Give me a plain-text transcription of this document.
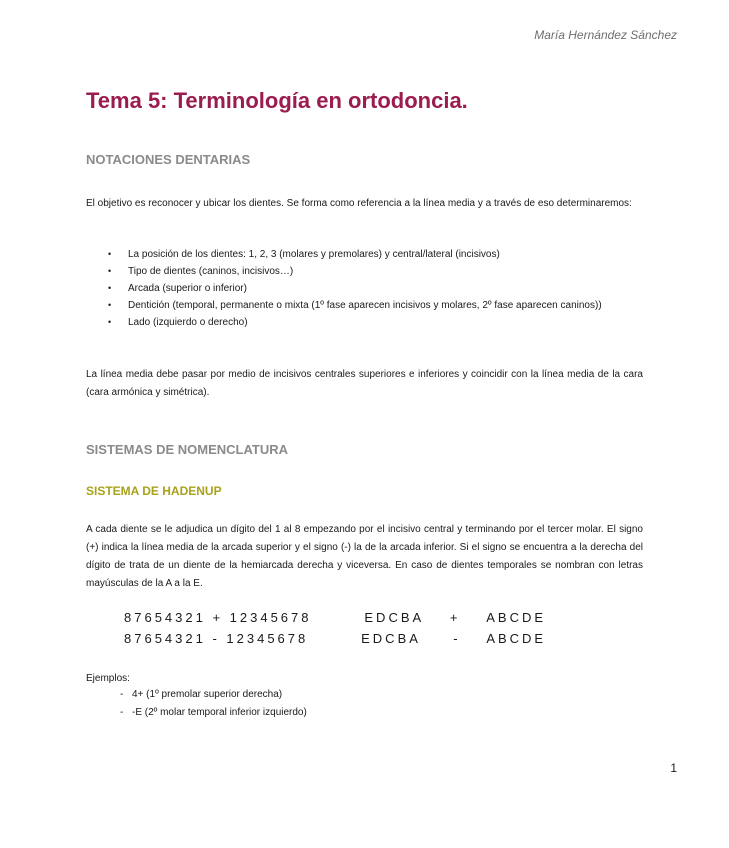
María Hernández Sánchez
Tema 5: Terminología en ortodoncia.
NOTACIONES DENTARIAS

El objetivo es reconocer y ubicar los dientes. Se forma como referencia a la línea media y a través de eso determinaremos:

• La posición de los dientes: 1, 2, 3 (molares y premolares) y central/lateral (incisivos)
• Tipo de dientes (caninos, incisivos…)
• Arcada (superior o inferior)
• Dentición (temporal, permanente o mixta (1º fase aparecen incisivos y molares, 2º fase aparecen caninos))
• Lado (izquierdo o derecho)

La línea media debe pasar por medio de incisivos centrales superiores e inferiores y coincidir con la línea media de la cara (cara armónica y simétrica).

SISTEMAS DE NOMENCLATURA
SISTEMA DE HADENUP

A cada diente se le adjudica un dígito del 1 al 8 empezando por el incisivo central y terminando por el tercer molar. El signo (+) indica la línea media de la arcada superior y el signo (-) la de la arcada inferior. Si el signo se encuentra a la derecha del dígito de trata de un diente de la hemiarcada derecha y viceversa. En caso de dientes temporales se nombran con letras mayúsculas de la A a la E.

87654321 + 12345678        EDCBA    +    ABCDE
87654321 - 12345678        EDCBA     -    ABCDE
Ejemplos:
- 4+ (1º premolar superior derecha)
- -E (2º molar temporal inferior izquierdo)
1
